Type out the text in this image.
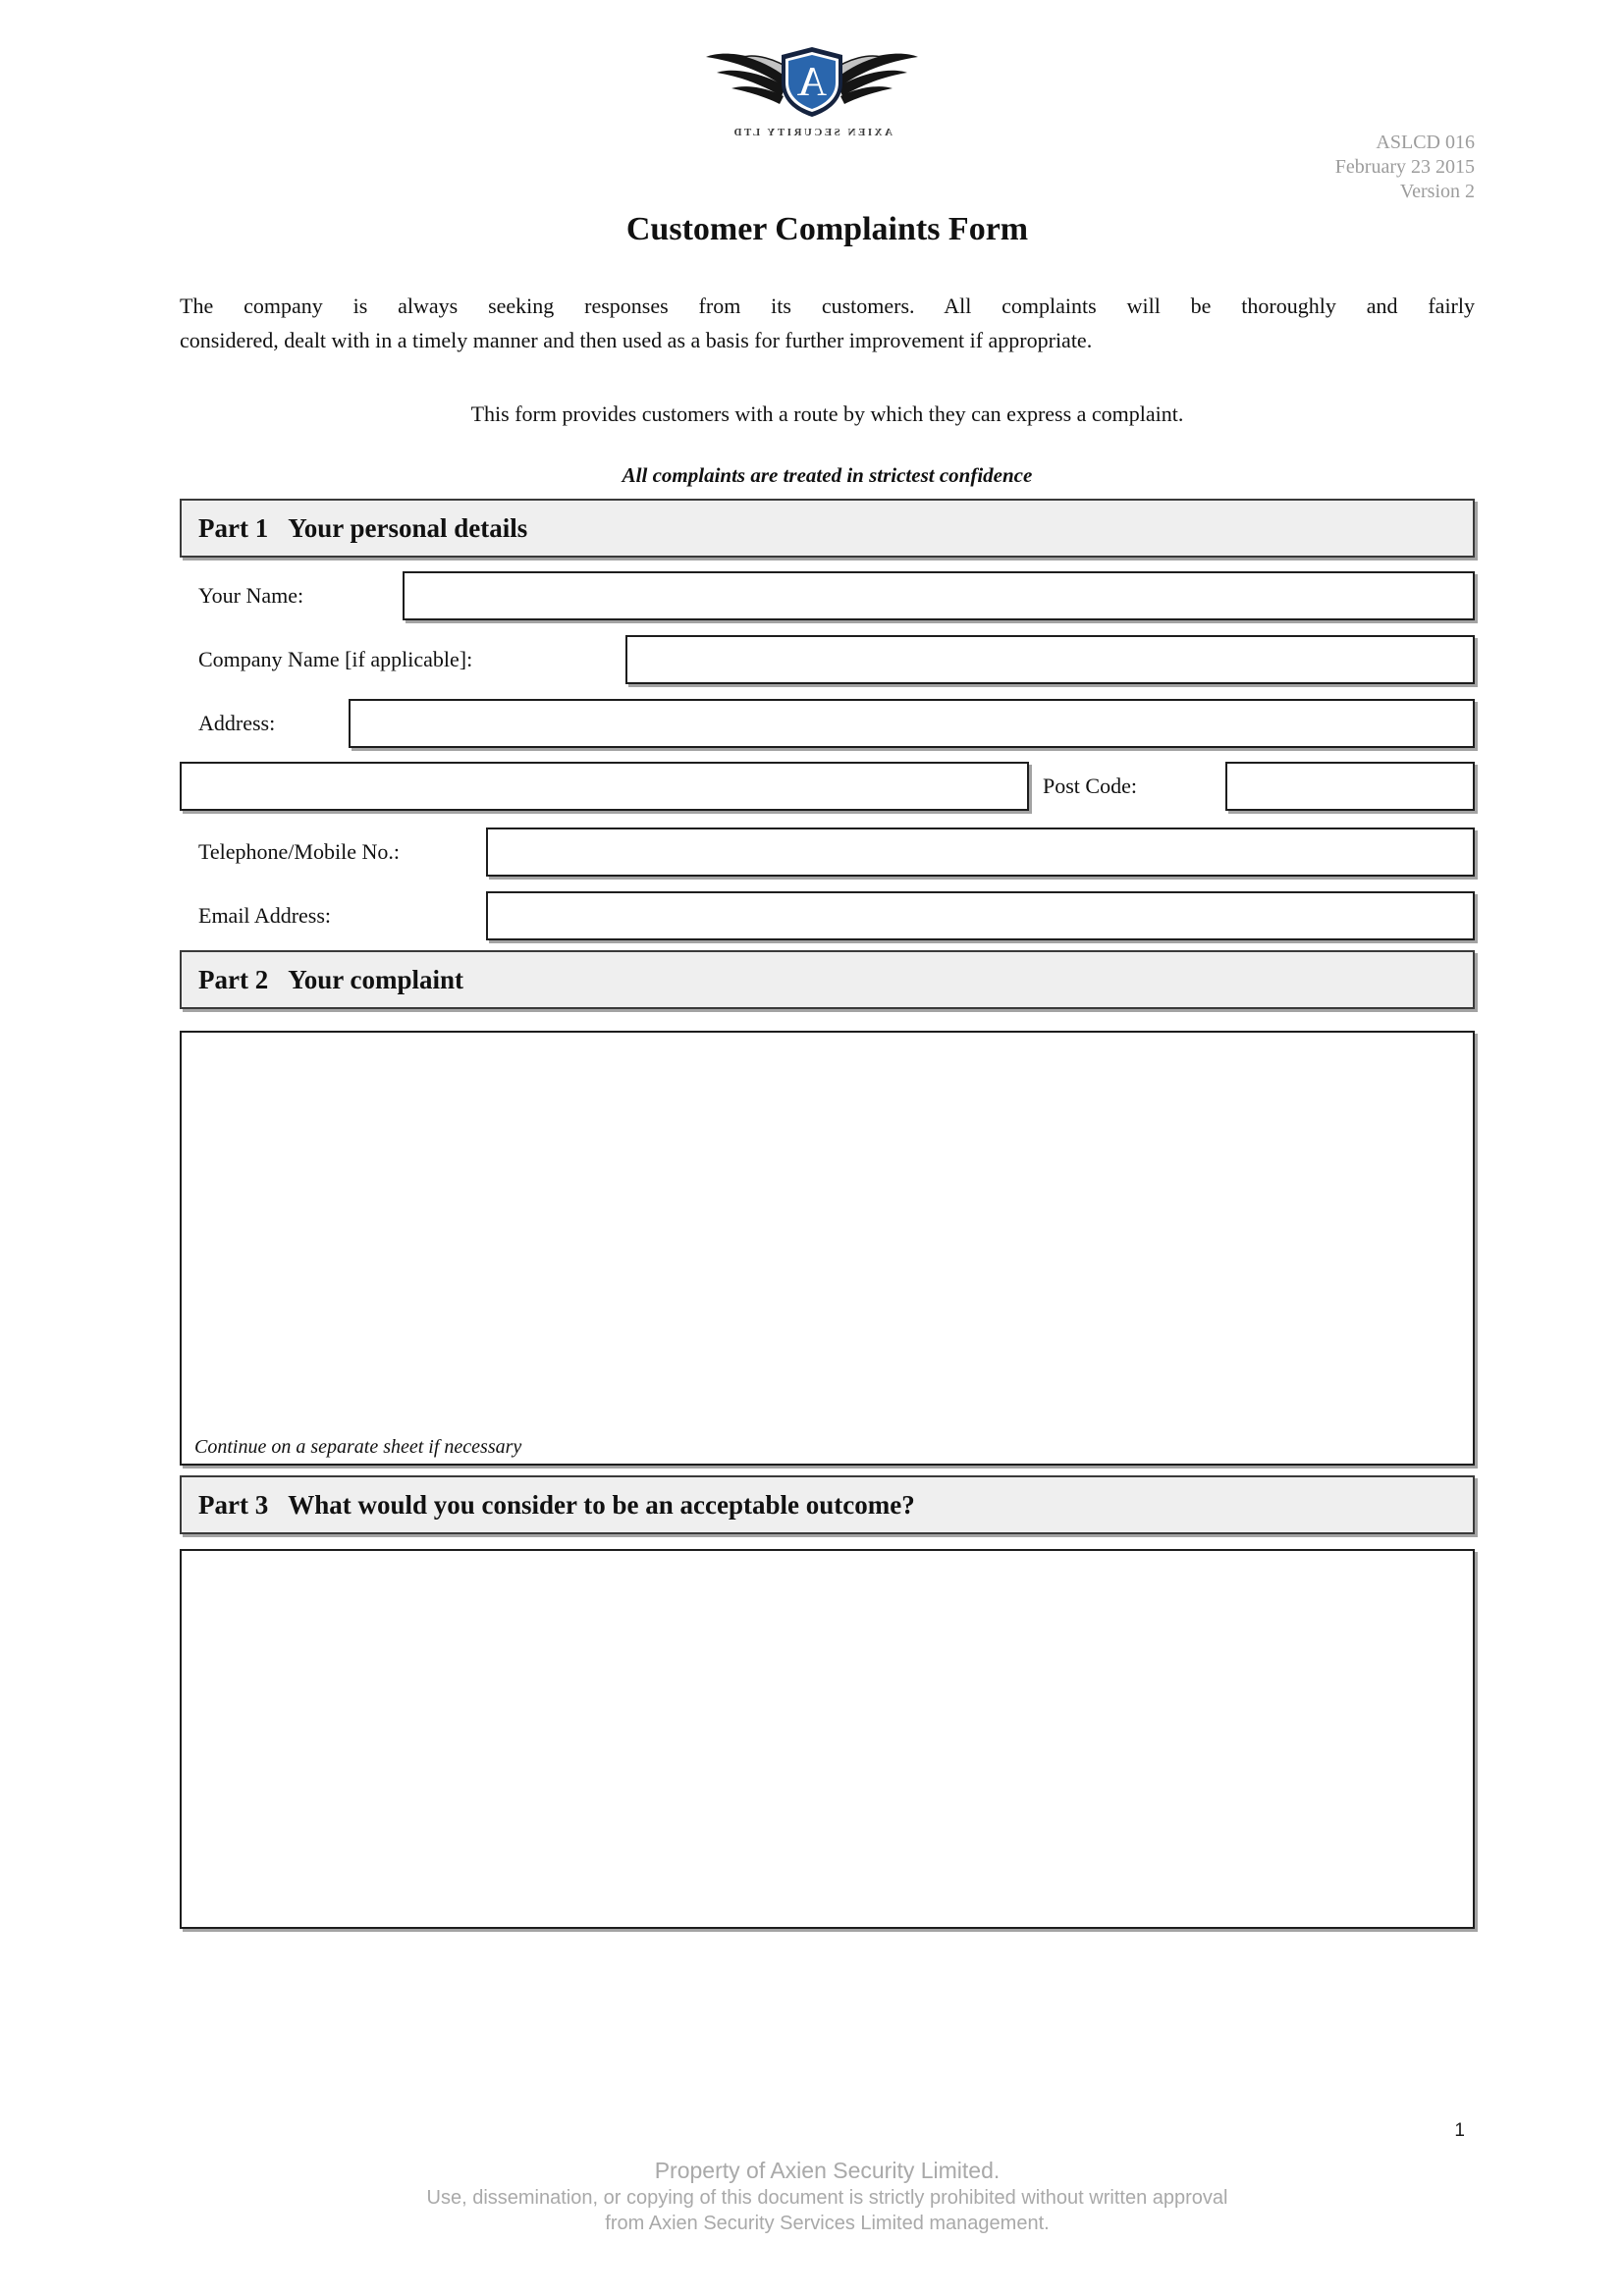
A
AXIEN SECURITY LTD	ASLCD 016
February 23 2015
Version 2
Customer Complaints Form
The company is always seeking responses from its customers. All complaints will be thoroughly and fairly
considered, dealt with in a timely manner and then used as a basis for further improvement if appropriate.
This form provides customers with a route by which they can express a complaint.
All complaints are treated in strictest confidence
Part 1 Your personal details
Your Name:
Company Name [if applicable]:
Address:
Post Code:
Telephone/Mobile No.:
Email Address:
Part 2 Your complaint
Continue on a separate sheet if necessary
Part 3 What would you consider to be an acceptable outcome?
1
Property of Axien Security Limited.
Use, dissemination, or copying of this document is strictly prohibited without written approval
from Axien Security Services Limited management.
